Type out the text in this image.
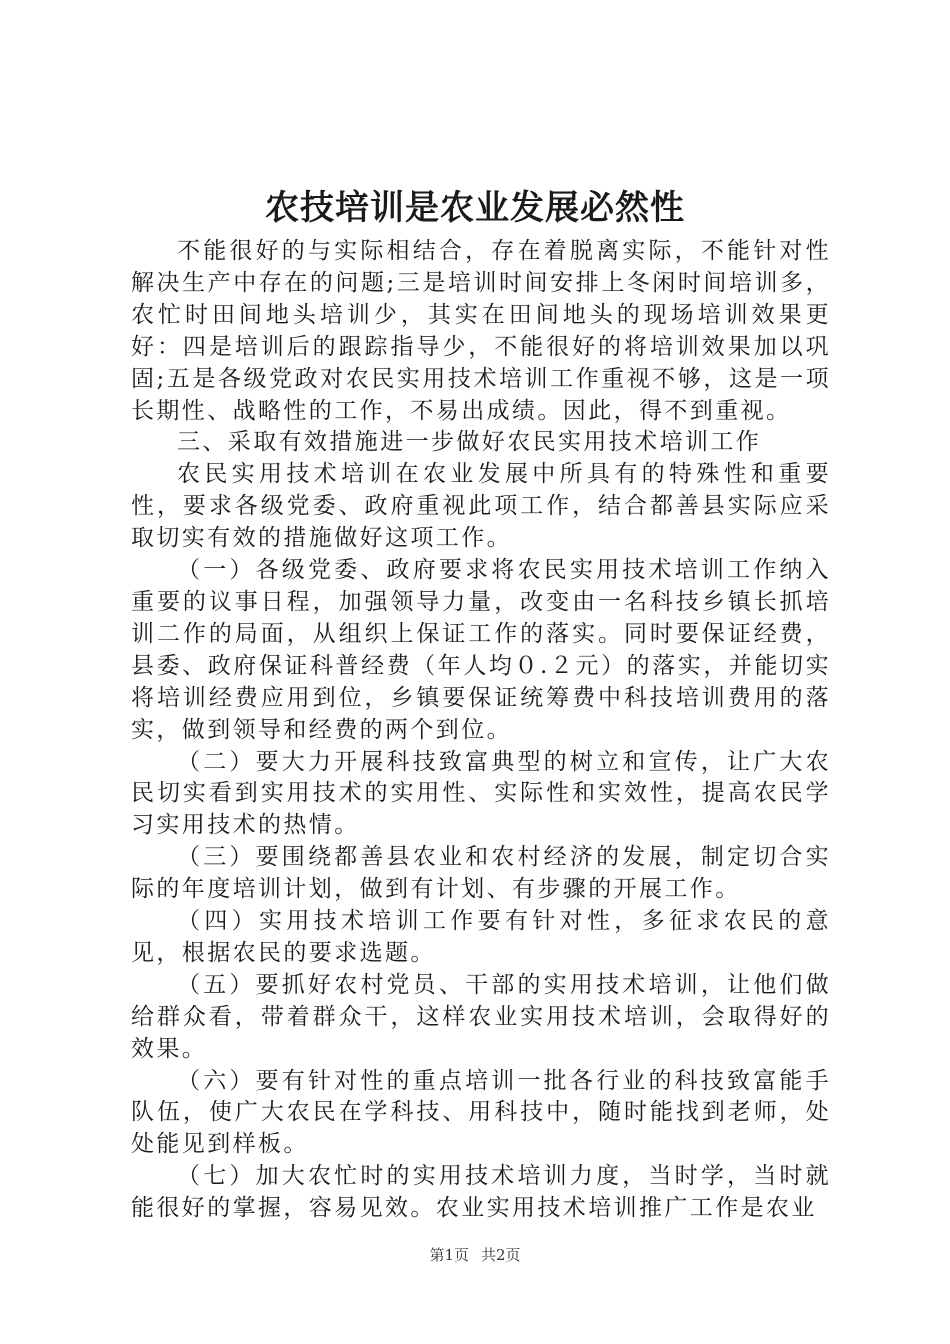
农技培训是农业发展必然性

不能很好的与实际相结合，存在着脱离实际，不能针对性解决生产中存在的问题;三是培训时间安排上冬闲时间培训多，农忙时田间地头培训少，其实在田间地头的现场培训效果更好：四是培训后的跟踪指导少，不能很好的将培训效果加以巩固;五是各级党政对农民实用技术培训工作重视不够，这是一项长期性、战略性的工作，不易出成绩。因此，得不到重视。

三、采取有效措施进一步做好农民实用技术培训工作

农民实用技术培训在农业发展中所具有的特殊性和重要性，要求各级党委、政府重视此项工作，结合都善县实际应采取切实有效的措施做好这项工作。

（一）各级党委、政府要求将农民实用技术培训工作纳入重要的议事日程，加强领导力量，改变由一名科技乡镇长抓培训二作的局面，从组织上保证工作的落实。同时要保证经费，县委、政府保证科普经费（年人均０.２元）的落实，并能切实将培训经费应用到位，乡镇要保证统筹费中科技培训费用的落实，做到领导和经费的两个到位。

（二）要大力开展科技致富典型的树立和宣传，让广大农民切实看到实用技术的实用性、实际性和实效性，提高农民学习实用技术的热情。

（三）要围绕都善县农业和农村经济的发展，制定切合实际的年度培训计划，做到有计划、有步骤的开展工作。

（四）实用技术培训工作要有针对性，多征求农民的意见，根据农民的要求选题。

（五）要抓好农村党员、干部的实用技术培训，让他们做给群众看，带着群众干，这样农业实用技术培训，会取得好的效果。

（六）要有针对性的重点培训一批各行业的科技致富能手队伍，使广大农民在学科技、用科技中，随时能找到老师，处处能见到样板。

（七）加大农忙时的实用技术培训力度，当时学，当时就能很好的掌握，容易见效。农业实用技术培训推广工作是农业

第1页 共2页
